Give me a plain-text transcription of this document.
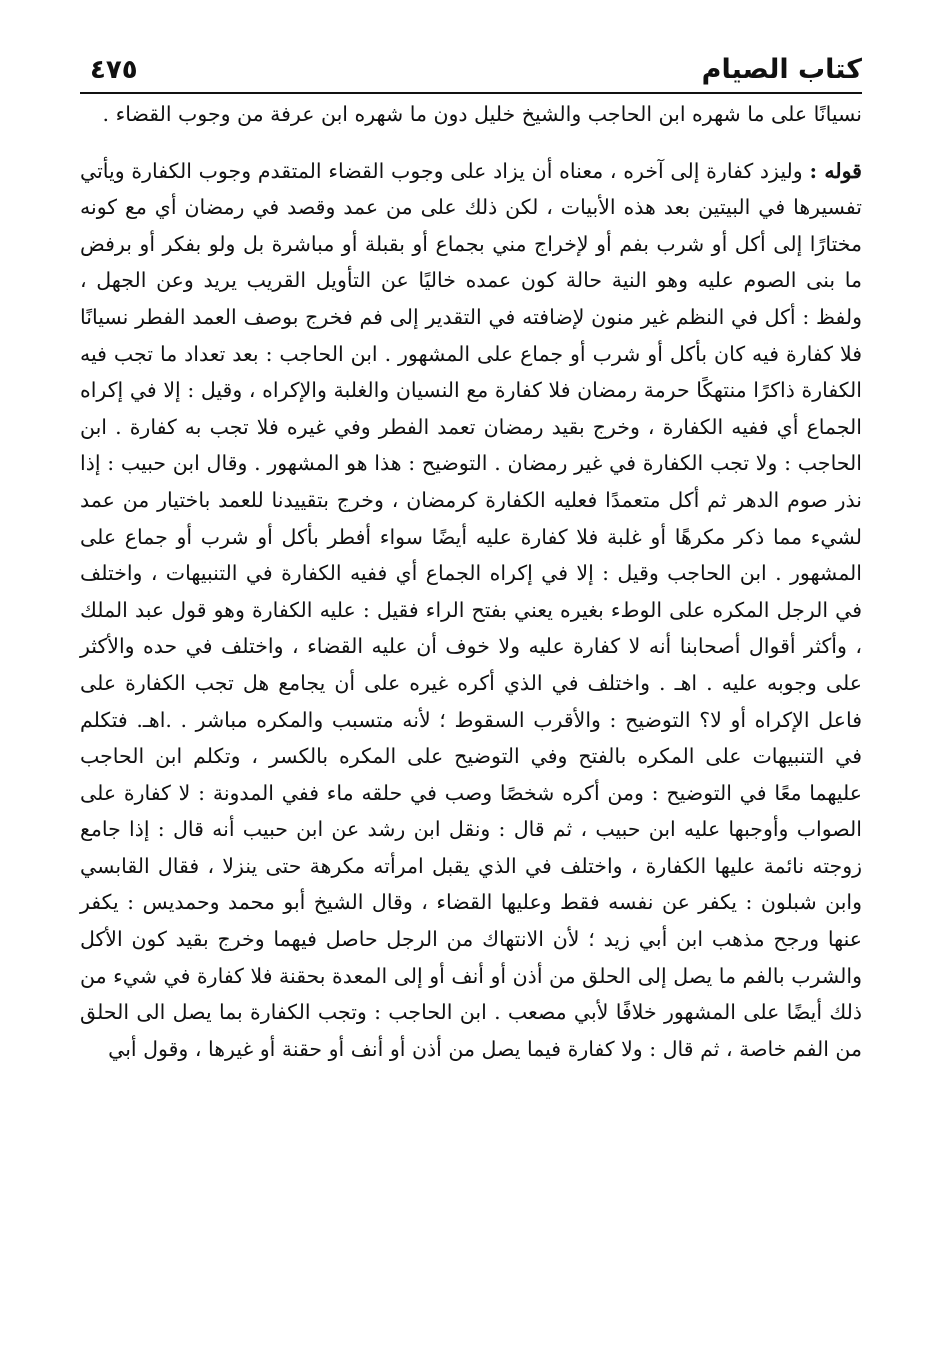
كتاب الصيام
٤٧٥

نسيانًا على ما شهره ابن الحاجب والشيخ خليل دون ما شهره ابن عرفة من وجوب القضاء .

قوله : وليزد كفارة إلى آخره ، معناه أن يزاد على وجوب القضاء المتقدم وجوب الكفارة ويأتي تفسيرها في البيتين بعد هذه الأبيات ، لكن ذلك على من عمد وقصد في رمضان أي مع كونه مختارًا إلى أكل أو شرب بفم أو لإخراج مني بجماع أو بقبلة أو مباشرة بل ولو بفكر أو برفض ما بنى الصوم عليه وهو النية حالة كون عمده خاليًا عن التأويل القريب يريد وعن الجهل ، ولفظ : أكل في النظم غير منون لإضافته في التقدير إلى فم فخرج بوصف العمد الفطر نسيانًا فلا كفارة فيه كان بأكل أو شرب أو جماع على المشهور . ابن الحاجب : بعد تعداد ما تجب فيه الكفارة ذاكرًا منتهكًا حرمة رمضان فلا كفارة مع النسيان والغلبة والإكراه ، وقيل : إلا في إكراه الجماع أي ففيه الكفارة ، وخرج بقيد رمضان تعمد الفطر وفي غيره فلا تجب به كفارة . ابن الحاجب : ولا تجب الكفارة في غير رمضان . التوضيح : هذا هو المشهور . وقال ابن حبيب : إذا نذر صوم الدهر ثم أكل متعمدًا فعليه الكفارة كرمضان ، وخرج بتقييدنا للعمد باختيار من عمد لشيء مما ذكر مكرهًا أو غلبة فلا كفارة عليه أيضًا سواء أفطر بأكل أو شرب أو جماع على المشهور . ابن الحاجب وقيل : إلا في إكراه الجماع أي ففيه الكفارة في التنبيهات ، واختلف في الرجل المكره على الوطء بغيره يعني بفتح الراء فقيل : عليه الكفارة وهو قول عبد الملك ، وأكثر أقوال أصحابنا أنه لا كفارة عليه ولا خوف أن عليه القضاء ، واختلف في حده والأكثر على وجوبه عليه . اهـ . واختلف في الذي أكره غيره على أن يجامع هل تجب الكفارة على فاعل الإكراه أو لا؟ التوضيح : والأقرب السقوط ؛ لأنه متسبب والمكره مباشر . .اهـ. فتكلم في التنبيهات على المكره بالفتح وفي التوضيح على المكره بالكسر ، وتكلم ابن الحاجب عليهما معًا في التوضيح : ومن أكره شخصًا وصب في حلقه ماء ففي المدونة : لا كفارة على الصواب وأوجبها عليه ابن حبيب ، ثم قال : ونقل ابن رشد عن ابن حبيب أنه قال : إذا جامع زوجته نائمة عليها الكفارة ، واختلف في الذي يقبل امرأته مكرهة حتى ينزلا ، فقال القابسي وابن شبلون : يكفر عن نفسه فقط وعليها القضاء ، وقال الشيخ أبو محمد وحمديس : يكفر عنها ورجح مذهب ابن أبي زيد ؛ لأن الانتهاك من الرجل حاصل فيهما وخرج بقيد كون الأكل والشرب بالفم ما يصل إلى الحلق من أذن أو أنف أو إلى المعدة بحقنة فلا كفارة في شيء من ذلك أيضًا على المشهور خلافًا لأبي مصعب . ابن الحاجب : وتجب الكفارة بما يصل الى الحلق من الفم خاصة ، ثم قال : ولا كفارة فيما يصل من أذن أو أنف أو حقنة أو غيرها ، وقول أبي
